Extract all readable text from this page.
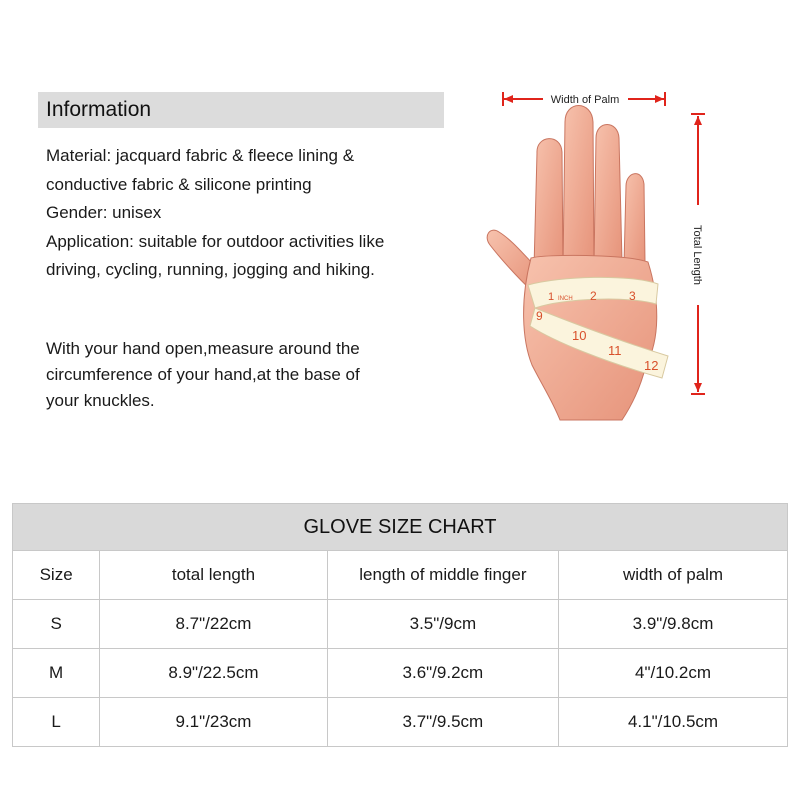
Information
Material: jacquard fabric & fleece lining &
conductive fabric & silicone printing
Gender: unisex
Application: suitable for outdoor activities like
driving, cycling, running, jogging and hiking.
With your hand open,measure around the
circumference of your hand,at the base of
your knuckles.
Width of Palm
Total Length
1 INCH 2	3
9
10
11
12
GLOVE SIZE CHART
Size	total length	length of middle finger	width of palm
S	8.7"/22cm	3.5"/9cm	3.9"/9.8cm
M	8.9"/22.5cm	3.6"/9.2cm	4"/10.2cm
L	9.1"/23cm	3.7"/9.5cm	4.1"/10.5cm
